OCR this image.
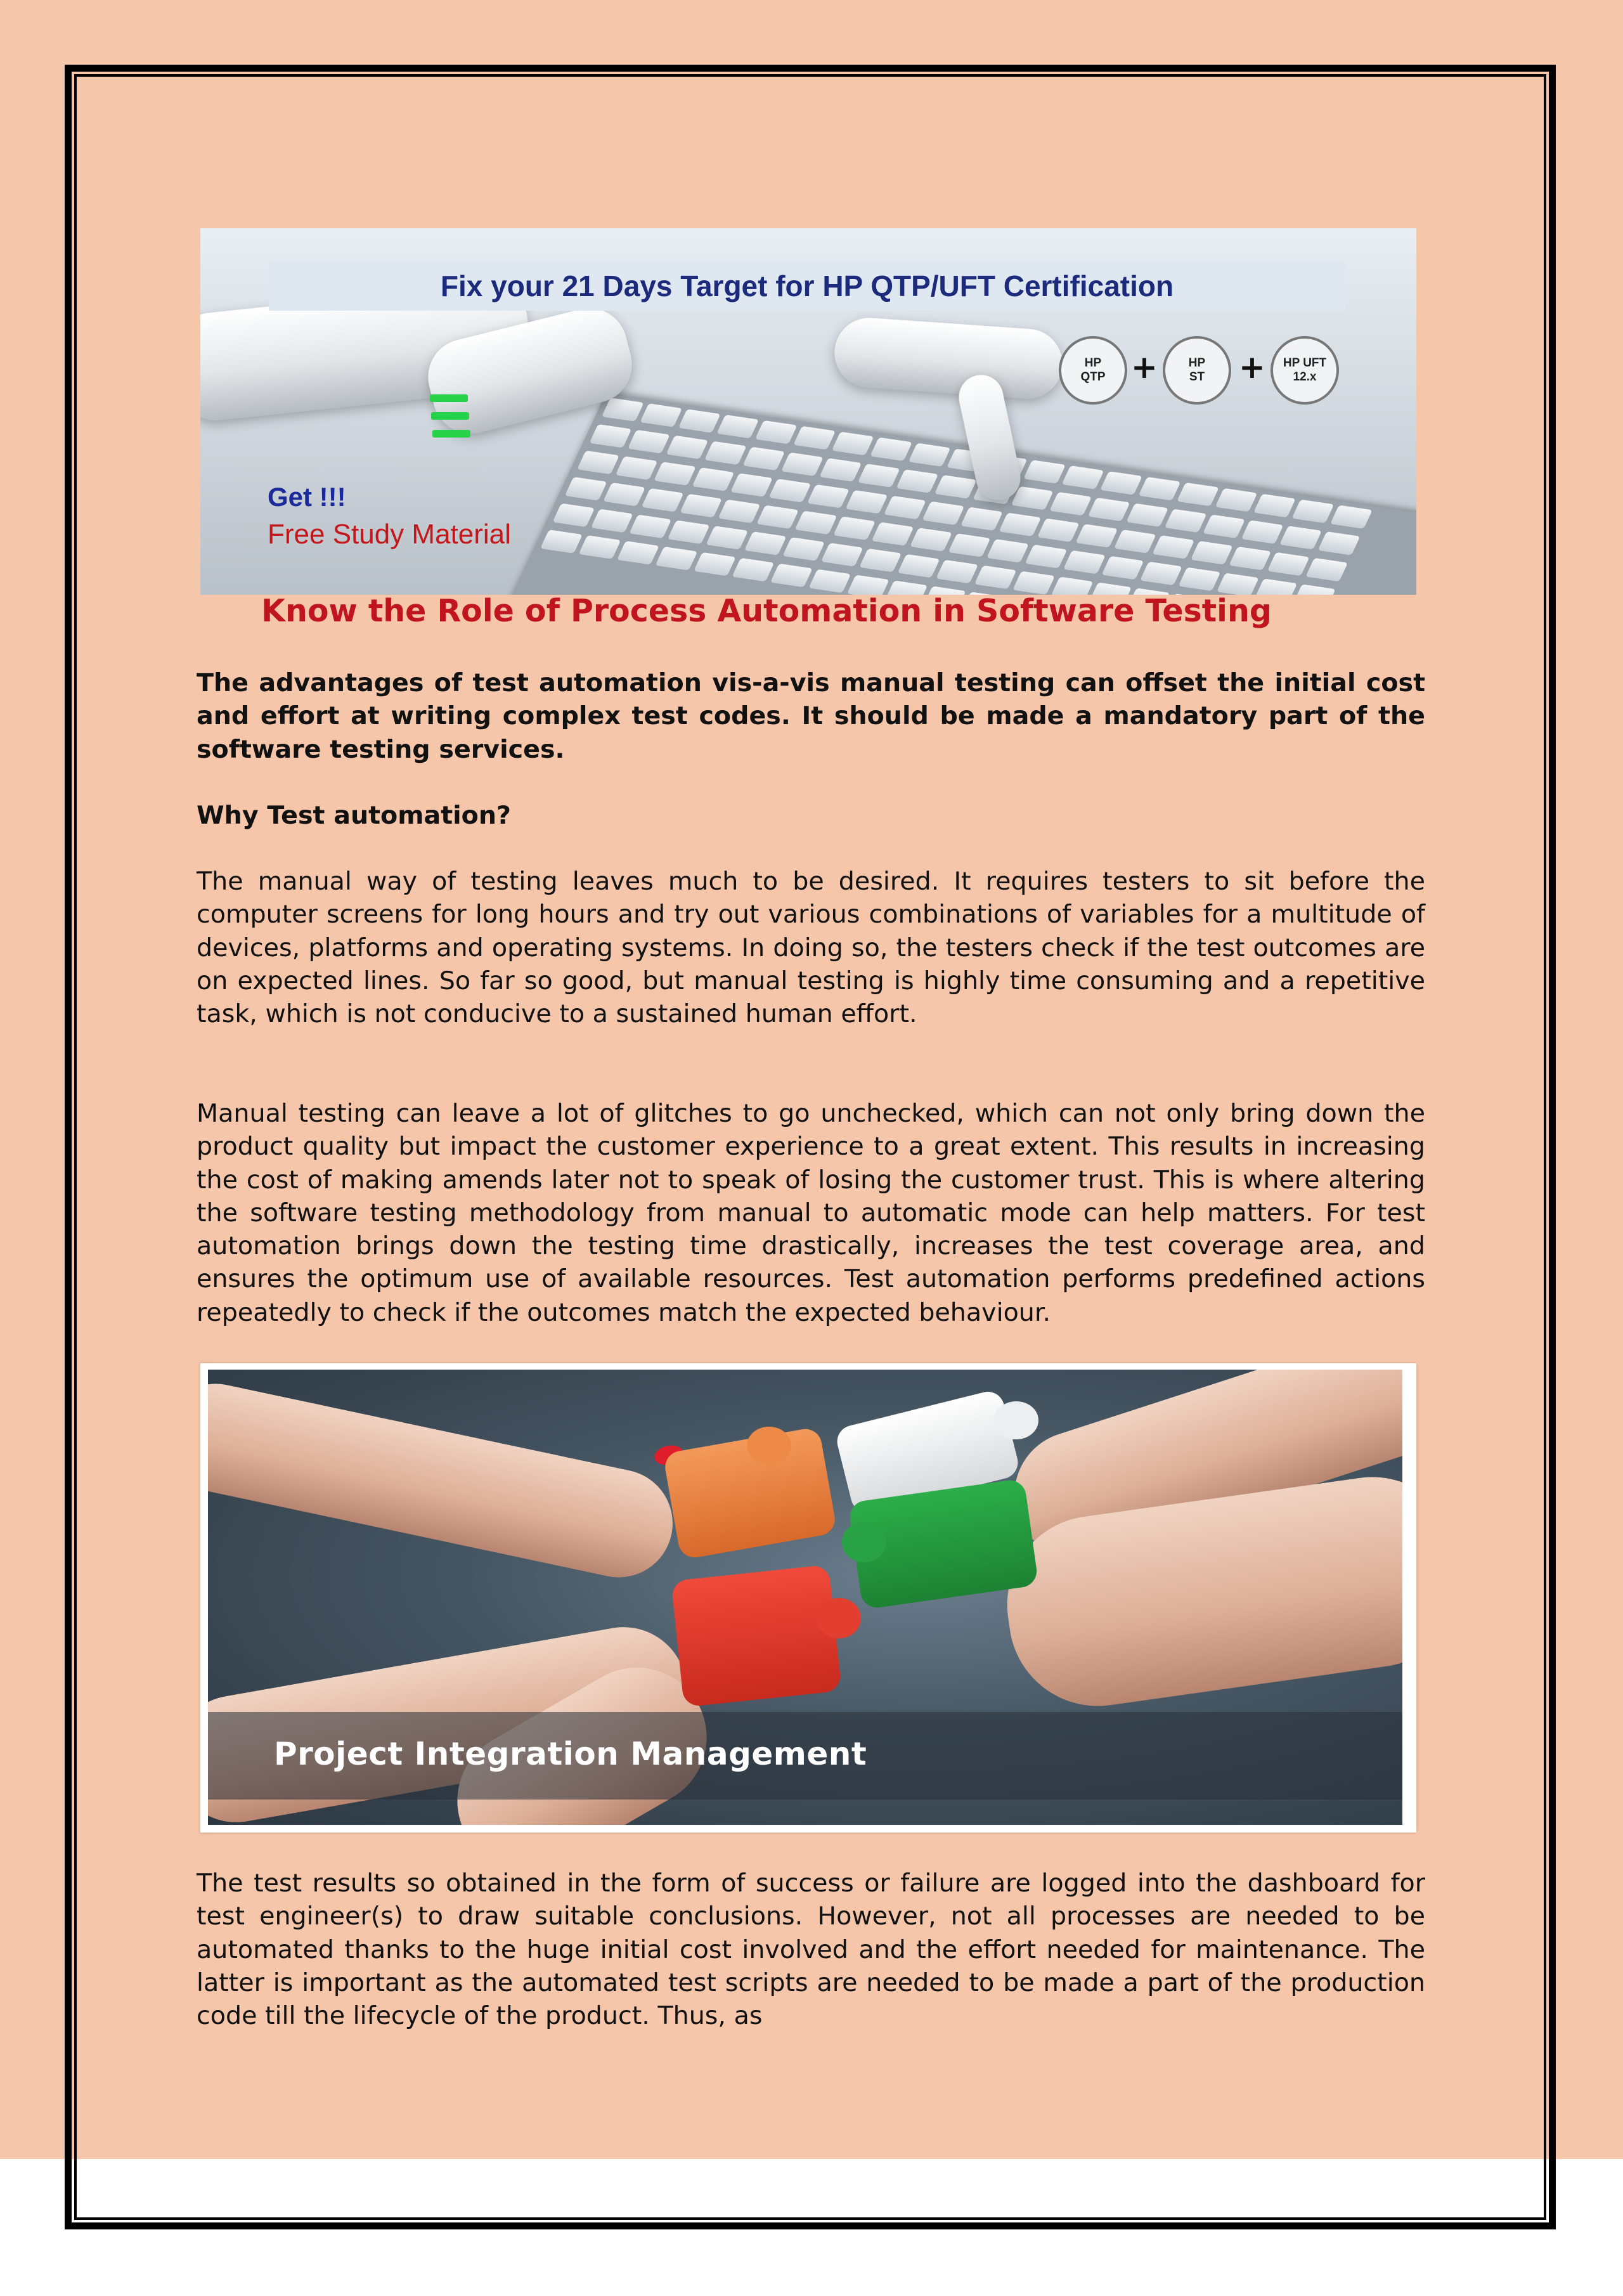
Fix your 21 Days Target for HP QTP/UFT Certification
HP
QTP +	HP
ST + HP UFT
12.x
Get !!!
Free Study Material
Know the Role of Process Automation in Software Testing

The advantages of test automation vis-a-vis manual testing can offset the initial cost and effort at writing complex test codes. It should be made a mandatory part of the software testing services.

Why Test automation?

The manual way of testing leaves much to be desired. It requires testers to sit before the computer screens for long hours and try out various combinations of variables for a multitude of devices, platforms and operating systems. In doing so, the testers check if the test outcomes are on expected lines. So far so good, but manual testing is highly time consuming and a repetitive task, which is not conducive to a sustained human effort.

Manual testing can leave a lot of glitches to go unchecked, which can not only bring down the product quality but impact the customer experience to a great extent. This results in increasing the cost of making amends later not to speak of losing the customer trust. This is where altering the software testing methodology from manual to automatic mode can help matters. For test automation brings down the testing time drastically, increases the test coverage area, and ensures the optimum use of available resources. Test automation performs predefined actions repeatedly to check if the outcomes match the expected behaviour.

Project Integration Management

The test results so obtained in the form of success or failure are logged into the dashboard for test engineer(s) to draw suitable conclusions. However, not all processes are needed to be automated thanks to the huge initial cost involved and the effort needed for maintenance. The latter is important as the automated test scripts are needed to be made a part of the production code till the lifecycle of the product. Thus, as
